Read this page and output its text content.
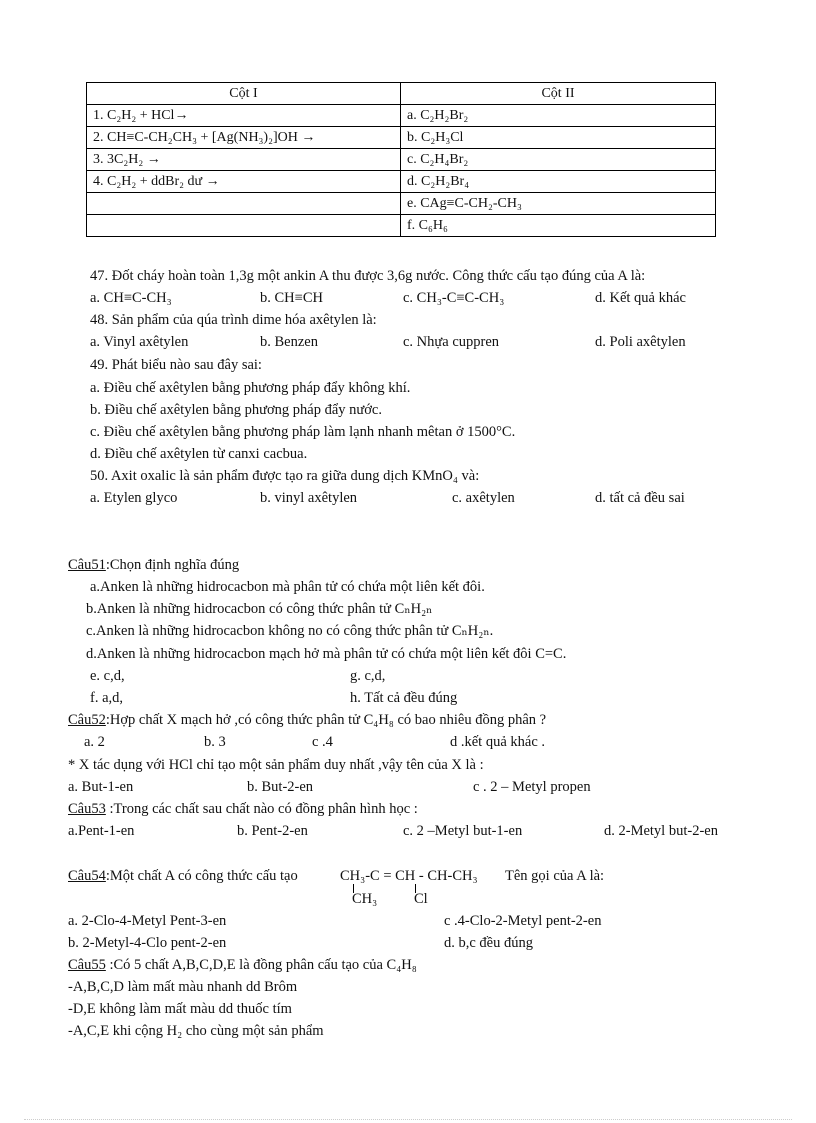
Cột I	Cột II
1. C₂H₂ + HCl→	a. C₂H₂Br₂
2. CH≡C-CH₂CH₃ + [Ag(NH₃)₂]OH →	b. C₂H₃Cl
3. 3C₂H₂ →	c. C₂H₄Br₂
4. C₂H₂ + ddBr₂ dư →	d. C₂H₂Br₄
	e. CAg≡C-CH₂-CH₃
	f. C₆H₆
47. Đốt cháy hoàn toàn 1,3g một ankin A thu được 3,6g nước. Công thức cấu tạo đúng của A là:
a. CH≡C-CH₃	b. CH≡CH	c. CH₃-C≡C-CH₃	d. Kết quả khác
48. Sản phẩm của qúa trình dime hóa axêtylen là:
a. Vinyl axêtylen	b. Benzen	c. Nhựa cuppren	d. Poli axêtylen
49. Phát biểu nào sau đây sai:
a. Điều chế axêtylen bằng phương pháp đẩy không khí.
b. Điều chế axêtylen bằng phương pháp đẩy nước.
c. Điều chế axêtylen bằng phương pháp làm lạnh nhanh mêtan ở 1500°C.
d. Điều chế axêtylen từ canxi cacbua.
50. Axit oxalic là sản phẩm được tạo ra giữa dung dịch KMnO₄ và:
a. Etylen glyco	b. vinyl axêtylen	c. axêtylen	d. tất cả đều sai
Câu51:Chọn định nghĩa đúng
a.Anken là những hidrocacbon mà phân tử có chứa một liên kết đôi.
b.Anken là những hidrocacbon có công thức phân tử CₙH₂ₙ
c.Anken là những hidrocacbon không no có công thức phân tử CₙH₂ₙ.
d.Anken là những hidrocacbon mạch hở mà phân tử có chứa một liên kết đôi C=C.
e. c,d,	g. c,d,
f. a,d,	h. Tất cả đều đúng
Câu52:Hợp chất X mạch hở ,có công thức phân tử C₄H₈ có bao nhiêu đồng phân ?
a. 2	b. 3	c .4	d .kết quả khác .
* X tác dụng với HCl chỉ tạo một sản phẩm duy nhất ,vậy tên của X là :
a. But-1-en	b. But-2-en	c . 2 – Metyl propen
Câu53 :Trong các chất sau chất nào có đồng phân hình học :
a.Pent-1-en	b. Pent-2-en	c. 2 –Metyl but-1-en	d. 2-Metyl but-2-en
Câu54:Một chất A có công thức cấu tạo	CH₃-C = CH - CH-CH₃ Tên gọi của A là:
CH₃	Cl
a. 2-Clo-4-Metyl Pent-3-en	c .4-Clo-2-Metyl pent-2-en
b. 2-Metyl-4-Clo pent-2-en	d. b,c đều đúng
Câu55 :Có 5 chất A,B,C,D,E là đồng phân cấu tạo của C₄H₈
-A,B,C,D làm mất màu nhanh dd Brôm
-D,E không làm mất màu dd thuốc tím
-A,C,E khi cộng H₂ cho cùng một sản phẩm
